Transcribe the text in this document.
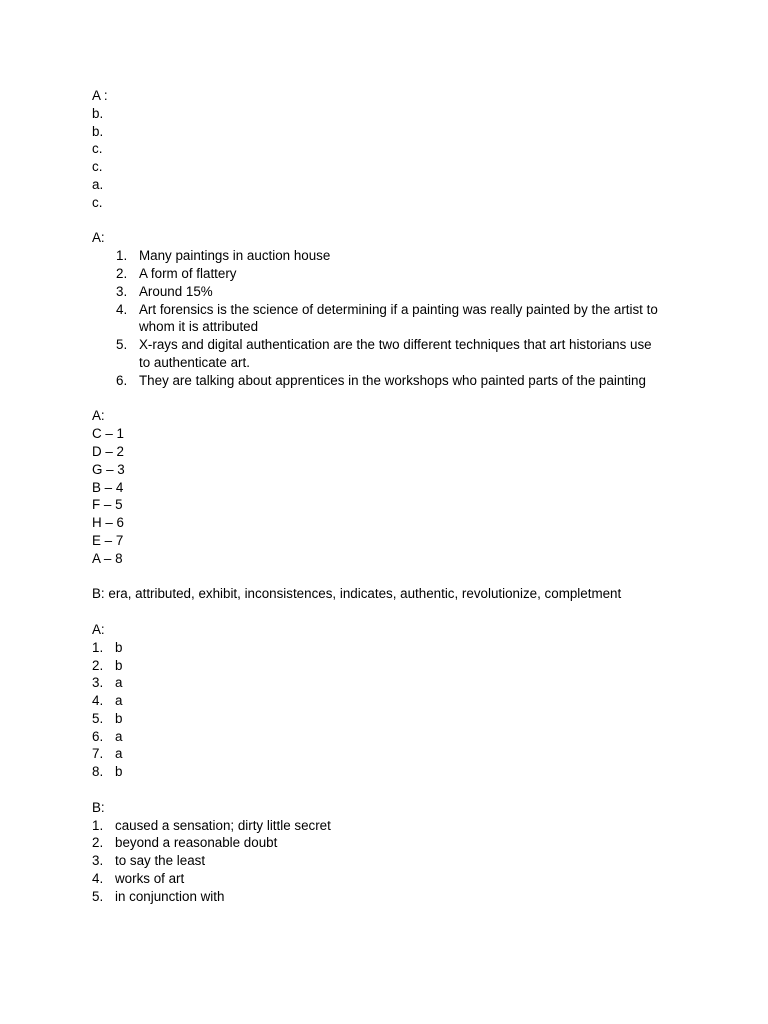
A :
b.
b.
c.
c.
a.
c.
A:
1. Many paintings in auction house
2. A form of flattery
3. Around 15%
4. Art forensics is the science of determining if a painting was really painted by the artist to whom it is attributed
5. X-rays and digital authentication are the two different techniques that art historians use to authenticate art.
6. They are talking about apprentices in the workshops who painted parts of the painting
A:
C – 1
D – 2
G – 3
B – 4
F – 5
H – 6
E – 7
A – 8
B: era, attributed, exhibit, inconsistences, indicates, authentic, revolutionize, completment
A:
1. b
2. b
3. a
4. a
5. b
6. a
7. a
8. b
B:
1. caused a sensation; dirty little secret
2. beyond a reasonable doubt
3. to say the least
4. works of art
5. in conjunction with
